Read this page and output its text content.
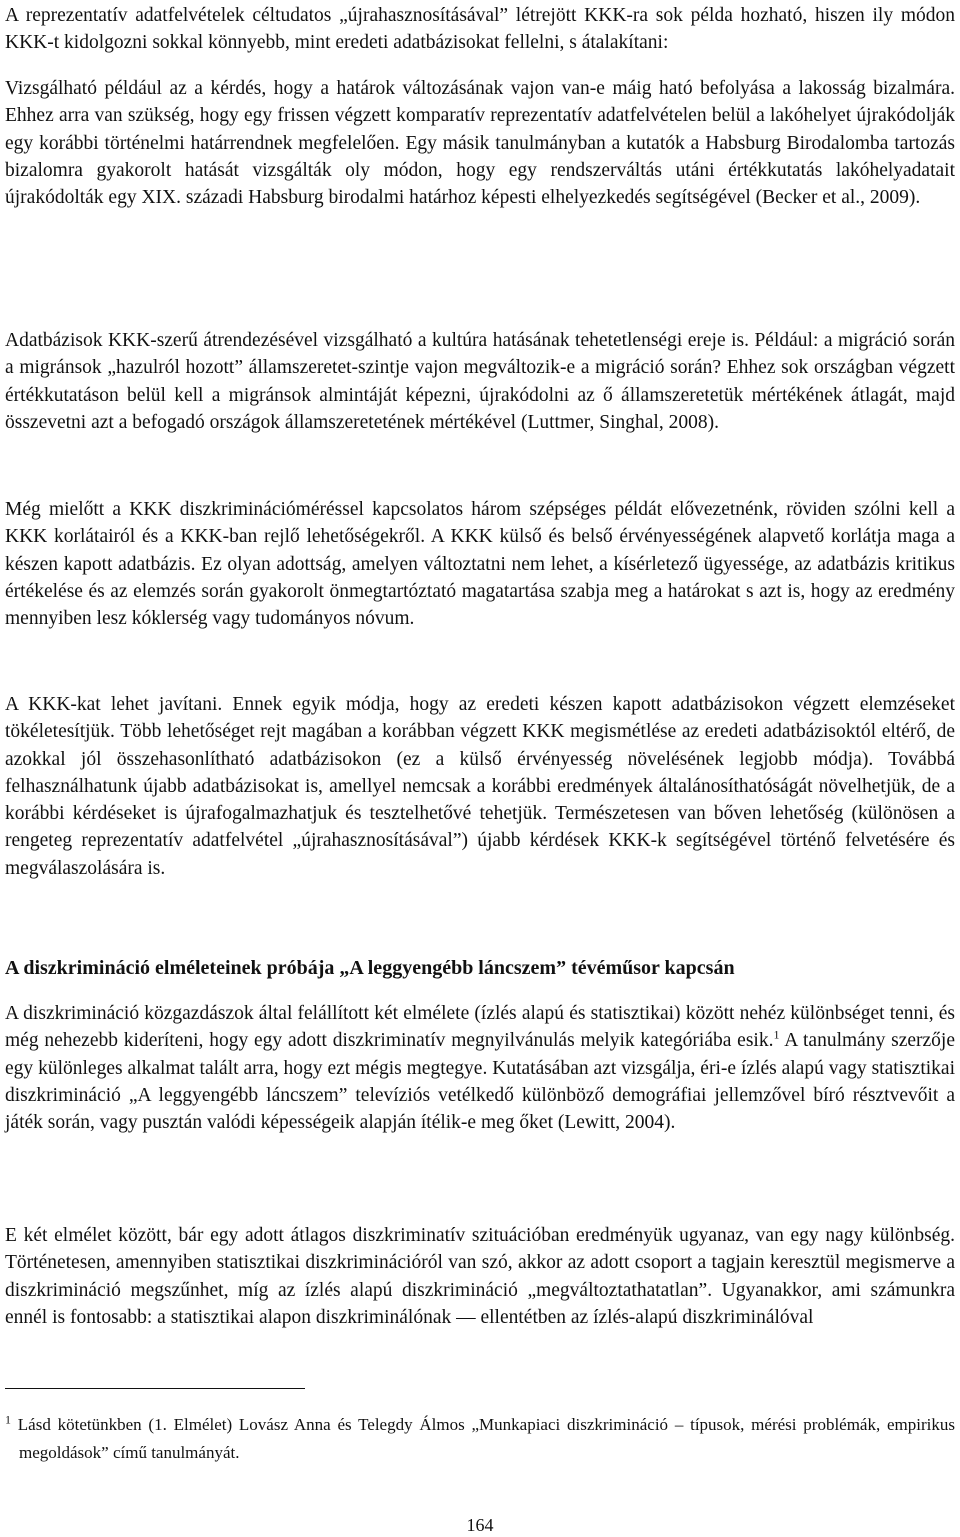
A reprezentatív adatfelvételek céltudatos „újrahasznosításával” létrejött KKK-ra sok példa hozható, hiszen ily módon KKK-t kidolgozni sokkal könnyebb, mint eredeti adatbázisokat fellelni, s átalakítani:

Vizsgálható például az a kérdés, hogy a határok változásának vajon van-e máig ható befolyása a lakosság bizalmára. Ehhez arra van szükség, hogy egy frissen végzett komparatív reprezentatív adatfelvételen belül a lakóhelyet újrakódolják egy korábbi történelmi határrendnek megfelelően. Egy másik tanulmányban a kutatók a Habsburg Birodalomba tartozás bizalomra gyakorolt hatását vizsgálták oly módon, hogy egy rendszerváltás utáni értékkutatás lakóhelyadatait újrakódolták egy XIX. századi Habsburg birodalmi határhoz képesti elhelyezkedés segítségével (Becker et al., 2009).

Adatbázisok KKK-szerű átrendezésével vizsgálható a kultúra hatásának tehetetlenségi ereje is. Például: a migráció során a migránsok „hazulról hozott” államszeretet-szintje vajon megváltozik-e a migráció során? Ehhez sok országban végzett értékkutatáson belül kell a migránsok almintáját képezni, újrakódolni az ő államszeretetük mértékének átlagát, majd összevetni azt a befogadó országok államszeretetének mértékével (Luttmer, Singhal, 2008).

Még mielőtt a KKK diszkriminációméréssel kapcsolatos három szépséges példát elővezetnénk, röviden szólni kell a KKK korlátairól és a KKK-ban rejlő lehetőségekről. A KKK külső és belső érvényességének alapvető korlátja maga a készen kapott adatbázis. Ez olyan adottság, amelyen változtatni nem lehet, a kísérletező ügyessége, az adatbázis kritikus értékelése és az elemzés során gyakorolt önmegtartóztató magatartása szabja meg a határokat s azt is, hogy az eredmény mennyiben lesz kóklerség vagy tudományos nóvum.

A KKK-kat lehet javítani. Ennek egyik módja, hogy az eredeti készen kapott adatbázisokon végzett elemzéseket tökéletesítjük. Több lehetőséget rejt magában a korábban végzett KKK megismétlése az eredeti adatbázisoktól eltérő, de azokkal jól összehasonlítható adatbázisokon (ez a külső érvényesség növelésének legjobb módja). Továbbá felhasználhatunk újabb adatbázisokat is, amellyel nemcsak a korábbi eredmények általánosíthatóságát növelhetjük, de a korábbi kérdéseket is újrafogalmazhatjuk és tesztelhetővé tehetjük. Természetesen van bőven lehetőség (különösen a rengeteg reprezentatív adatfelvétel „újrahasznosításával”) újabb kérdések KKK-k segítségével történő felvetésére és megválaszolására is.

A diszkrimináció elméleteinek próbája „A leggyengébb láncszem” tévéműsor kapcsán

A diszkrimináció közgazdászok által felállított két elmélete (ízlés alapú és statisztikai) között nehéz különbséget tenni, és még nehezebb kideríteni, hogy egy adott diszkriminatív megnyilvánulás melyik kategóriába esik.$^1$ A tanulmány szerzője egy különleges alkalmat talált arra, hogy ezt mégis megtegye. Kutatásában azt vizsgálja, éri-e ízlés alapú vagy statisztikai diszkrimináció „A leggyengébb láncszem” televíziós vetélkedő különböző demográfiai jellemzővel bíró résztvevőit a játék során, vagy pusztán valódi képességeik alapján ítélik-e meg őket (Lewitt, 2004).

E két elmélet között, bár egy adott átlagos diszkriminatív szituációban eredményük ugyanaz, van egy nagy különbség. Történetesen, amennyiben statisztikai diszkriminációról van szó, akkor az adott csoport a tagjain keresztül megismerve a diszkrimináció megszűnhet, míg az ízlés alapú diszkrimináció „megváltoztathatatlan”. Ugyanakkor, ami számunkra ennél is fontosabb: a statisztikai alapon diszkriminálónak — ellentétben az ízlés-alapú diszkriminálóval

$^1$ Lásd kötetünkben (1. Elmélet) Lovász Anna és Telegdy Álmos „Munkapiaci diszkrimináció – típusok, mérési problémák, empirikus megoldások” című tanulmányát.

164
